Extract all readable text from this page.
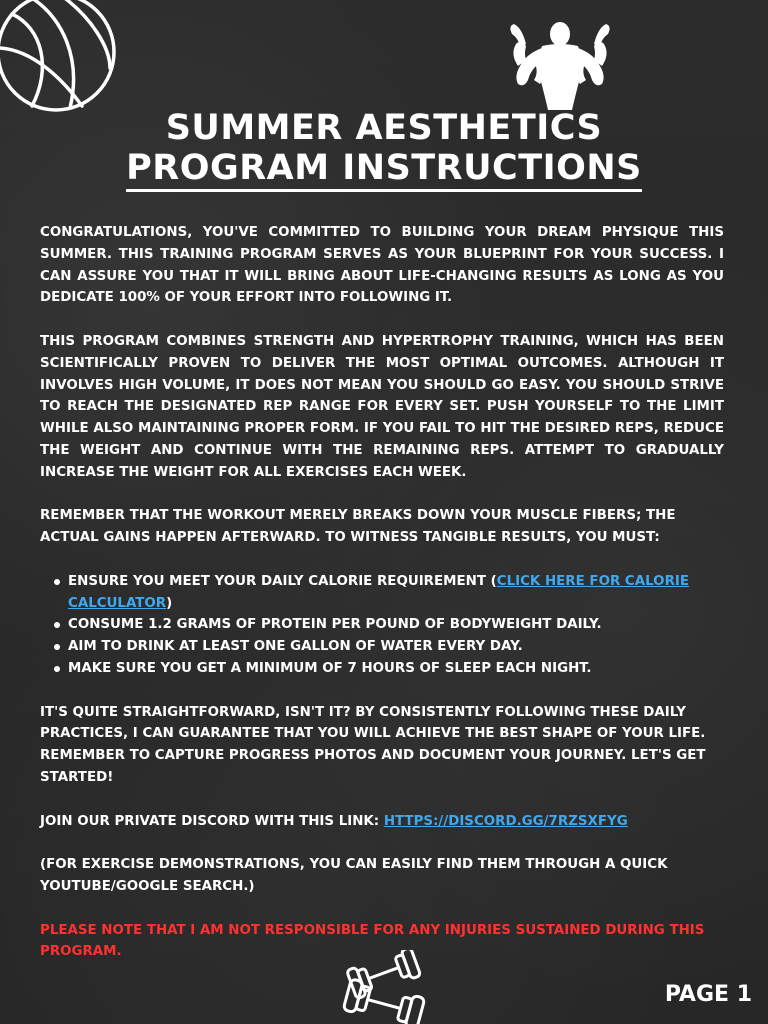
SUMMER AESTHETICS
PROGRAM INSTRUCTIONS

CONGRATULATIONS, YOU'VE COMMITTED TO BUILDING YOUR DREAM PHYSIQUE THIS SUMMER. THIS TRAINING PROGRAM SERVES AS YOUR BLUEPRINT FOR YOUR SUCCESS. I CAN ASSURE YOU THAT IT WILL BRING ABOUT LIFE-CHANGING RESULTS AS LONG AS YOU DEDICATE 100% OF YOUR EFFORT INTO FOLLOWING IT.

THIS PROGRAM COMBINES STRENGTH AND HYPERTROPHY TRAINING, WHICH HAS BEEN SCIENTIFICALLY PROVEN TO DELIVER THE MOST OPTIMAL OUTCOMES. ALTHOUGH IT INVOLVES HIGH VOLUME, IT DOES NOT MEAN YOU SHOULD GO EASY. YOU SHOULD STRIVE TO REACH THE DESIGNATED REP RANGE FOR EVERY SET. PUSH YOURSELF TO THE LIMIT WHILE ALSO MAINTAINING PROPER FORM. IF YOU FAIL TO HIT THE DESIRED REPS, REDUCE THE WEIGHT AND CONTINUE WITH THE REMAINING REPS. ATTEMPT TO GRADUALLY INCREASE THE WEIGHT FOR ALL EXERCISES EACH WEEK.

REMEMBER THAT THE WORKOUT MERELY BREAKS DOWN YOUR MUSCLE FIBERS; THE ACTUAL GAINS HAPPEN AFTERWARD. TO WITNESS TANGIBLE RESULTS, YOU MUST:

ENSURE YOU MEET YOUR DAILY CALORIE REQUIREMENT (CLICK HERE FOR CALORIE CALCULATOR)
CONSUME 1.2 GRAMS OF PROTEIN PER POUND OF BODYWEIGHT DAILY.
AIM TO DRINK AT LEAST ONE GALLON OF WATER EVERY DAY.
MAKE SURE YOU GET A MINIMUM OF 7 HOURS OF SLEEP EACH NIGHT.

IT'S QUITE STRAIGHTFORWARD, ISN'T IT? BY CONSISTENTLY FOLLOWING THESE DAILY PRACTICES, I CAN GUARANTEE THAT YOU WILL ACHIEVE THE BEST SHAPE OF YOUR LIFE. REMEMBER TO CAPTURE PROGRESS PHOTOS AND DOCUMENT YOUR JOURNEY. LET'S GET STARTED!

JOIN OUR PRIVATE DISCORD WITH THIS LINK: HTTPS://DISCORD.GG/7RZSXFYG

(FOR EXERCISE DEMONSTRATIONS, YOU CAN EASILY FIND THEM THROUGH A QUICK YOUTUBE/GOOGLE SEARCH.)

PLEASE NOTE THAT I AM NOT RESPONSIBLE FOR ANY INJURIES SUSTAINED DURING THIS PROGRAM.

PAGE 1
